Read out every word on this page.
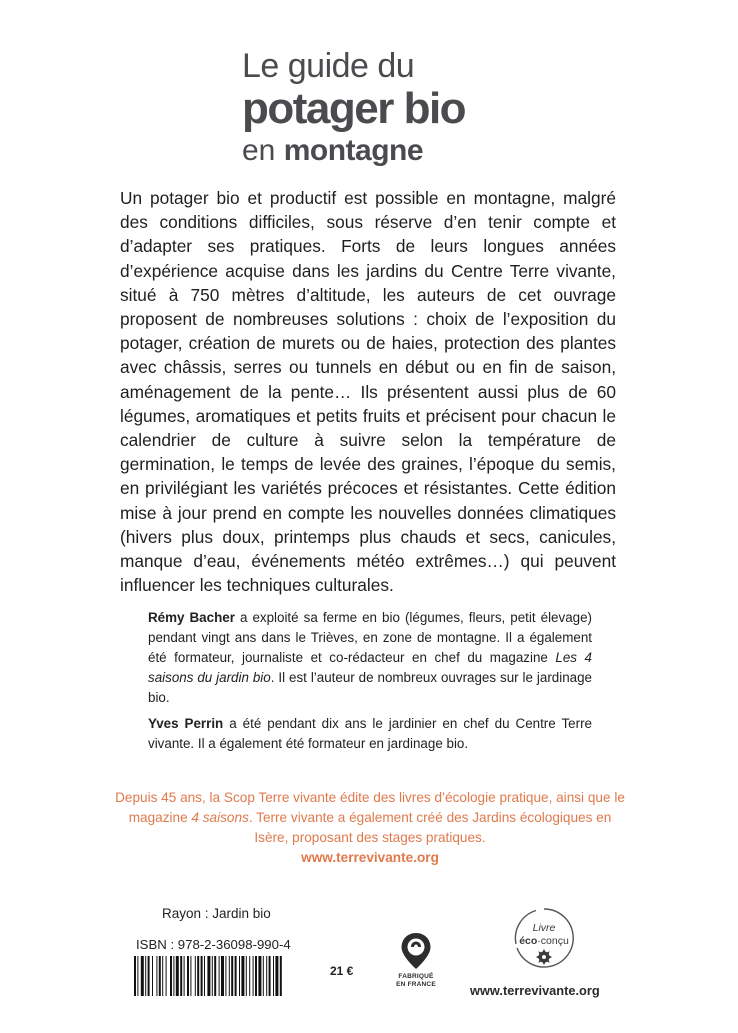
Le guide du
potager bio
en montagne

Un potager bio et productif est possible en montagne, malgré des conditions difficiles, sous réserve d’en tenir compte et d’adapter ses pratiques. Forts de leurs longues années d’expérience acquise dans les jardins du Centre Terre vivante, situé à 750 mètres d’altitude, les auteurs de cet ouvrage proposent de nombreuses solutions : choix de l’exposition du potager, création de murets ou de haies, protection des plantes avec châssis, serres ou tunnels en début ou en fin de saison, aménagement de la pente… Ils présentent aussi plus de 60 légumes, aromatiques et petits fruits et précisent pour chacun le calendrier de culture à suivre selon la température de germination, le temps de levée des graines, l’époque du semis, en privilégiant les variétés précoces et résistantes. Cette édition mise à jour prend en compte les nouvelles données climatiques (hivers plus doux, printemps plus chauds et secs, canicules, manque d’eau, événements météo extrêmes…) qui peuvent influencer les techniques culturales.

Rémy Bacher a exploité sa ferme en bio (légumes, fleurs, petit élevage) pendant vingt ans dans le Trièves, en zone de montagne. Il a également été formateur, journaliste et co-rédacteur en chef du magazine Les 4 saisons du jardin bio. Il est l’auteur de nombreux ouvrages sur le jardinage bio.

Yves Perrin a été pendant dix ans le jardinier en chef du Centre Terre vivante. Il a également été formateur en jardinage bio.

Depuis 45 ans, la Scop Terre vivante édite des livres d’écologie pratique, ainsi que le magazine 4 saisons. Terre vivante a également créé des Jardins écologiques en Isère, proposant des stages pratiques.
www.terrevivante.org
Rayon : Jardin bio
ISBN : 978-2-36098-990-4
21 €	FABRIQUÉ
EN FRANCE
Livre
éco·conçu
www.terrevivante.org
